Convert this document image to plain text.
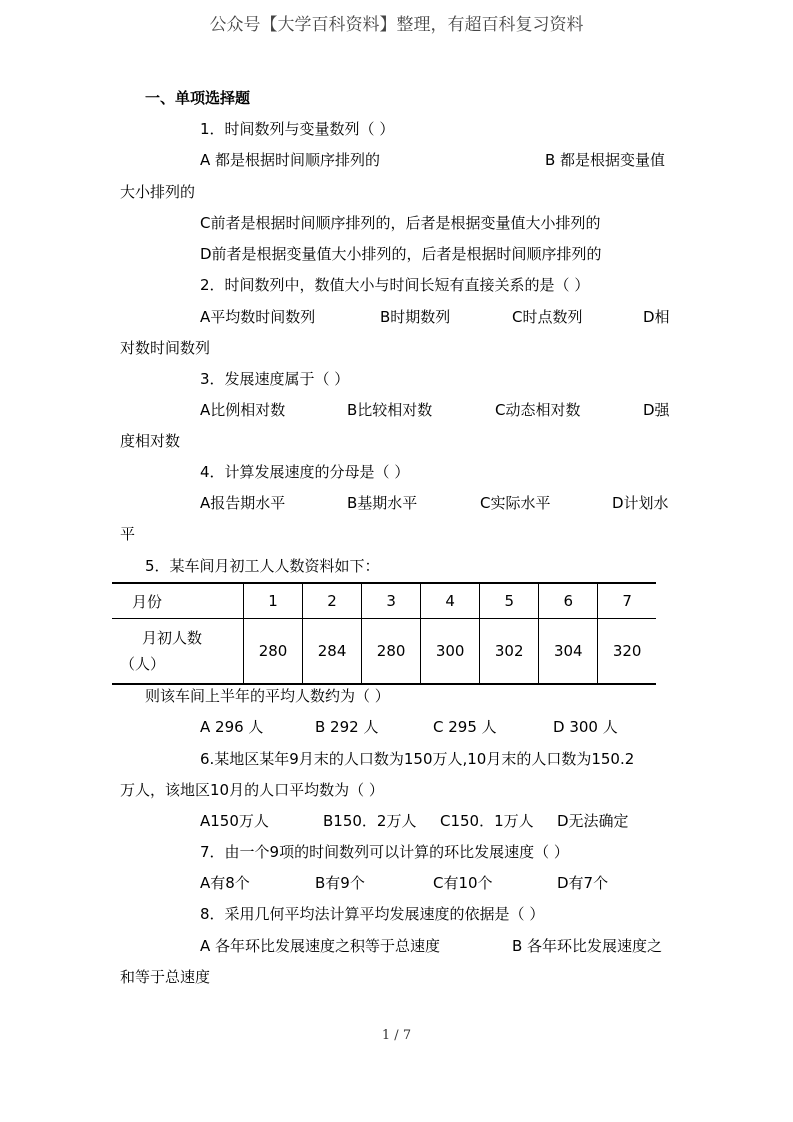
公众号【大学百科资料】整理，有超百科复习资料
一、单项选择题
1．时间数列与变量数列（ ）
A 都是根据时间顺序排列的	B 都是根据变量值
大小排列的
C前者是根据时间顺序排列的，后者是根据变量值大小排列的
D前者是根据变量值大小排列的，后者是根据时间顺序排列的
2．时间数列中，数值大小与时间长短有直接关系的是（ ）
A平均数时间数列	B时期数列	C时点数列	D相
对数时间数列
3．发展速度属于（ ）
A比例相对数	B比较相对数	C动态相对数	D强
度相对数
4．计算发展速度的分母是（ ）
A报告期水平	B基期水平	C实际水平	D计划水
平
5．某车间月初工人人数资料如下：
月份	1	2	3	4	5	6	7

月初人数
（人）	280	284	280	300	302	304	320
则该车间上半年的平均人数约为（ ）
A 296 人	B 292 人	C 295 人	D 300 人
6.某地区某年9月末的人口数为150万人,10月末的人口数为150.2
万人，该地区10月的人口平均数为（ ）
A150万人	B150．2万人 C150．1万人 D无法确定
7．由一个9项的时间数列可以计算的环比发展速度（ ）
A有8个	B有9个	C有10个	D有7个
8．采用几何平均法计算平均发展速度的依据是（ ）
A 各年环比发展速度之积等于总速度	B 各年环比发展速度之
和等于总速度
1 / 7
